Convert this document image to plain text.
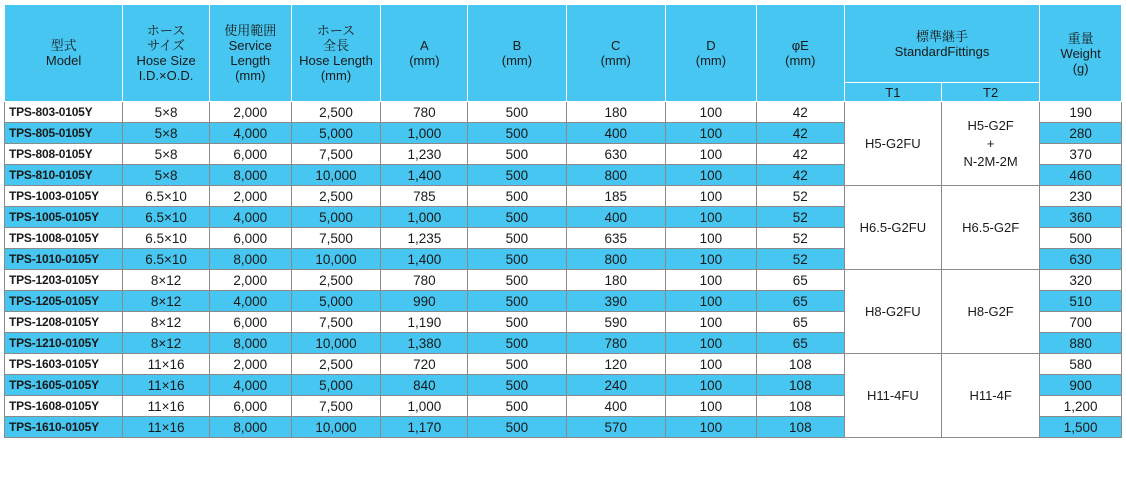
型式
Model	ホース
サイズ
Hose Size
I.D.×O.D.	使用範囲
Service
Length
(mm)	ホース
全長
Hose Length
(mm)	A
(mm)	B
(mm)	C
(mm)	D
(mm)	φE
(mm)	標準継手
StandardFittings		重量
Weight
(g)

									T1	T2	
TPS-803-0105Y	5×8	2,000	2,500	780	500	180	100	42	H5-G2FU	H5-G2F
+
N-2M-2M	190
TPS-805-0105Y	5×8	4,000	5,000	1,000	500	400	100	42			280
TPS-808-0105Y	5×8	6,000	7,500	1,230	500	630	100	42			370
TPS-810-0105Y	5×8	8,000	10,000	1,400	500	800	100	42			460
TPS-1003-0105Y	6.5×10	2,000	2,500	785	500	185	100	52	H6.5-G2FU	H6.5-G2F	230
TPS-1005-0105Y	6.5×10	4,000	5,000	1,000	500	400	100	52			360
TPS-1008-0105Y	6.5×10	6,000	7,500	1,235	500	635	100	52			500
TPS-1010-0105Y	6.5×10	8,000	10,000	1,400	500	800	100	52			630
TPS-1203-0105Y	8×12	2,000	2,500	780	500	180	100	65	H8-G2FU	H8-G2F	320
TPS-1205-0105Y	8×12	4,000	5,000	990	500	390	100	65			510
TPS-1208-0105Y	8×12	6,000	7,500	1,190	500	590	100	65			700
TPS-1210-0105Y	8×12	8,000	10,000	1,380	500	780	100	65			880
TPS-1603-0105Y	11×16	2,000	2,500	720	500	120	100	108	H11-4FU	H11-4F	580
TPS-1605-0105Y	11×16	4,000	5,000	840	500	240	100	108			900
TPS-1608-0105Y	11×16	6,000	7,500	1,000	500	400	100	108			1,200
TPS-1610-0105Y	11×16	8,000	10,000	1,170	500	570	100	108			1,500
